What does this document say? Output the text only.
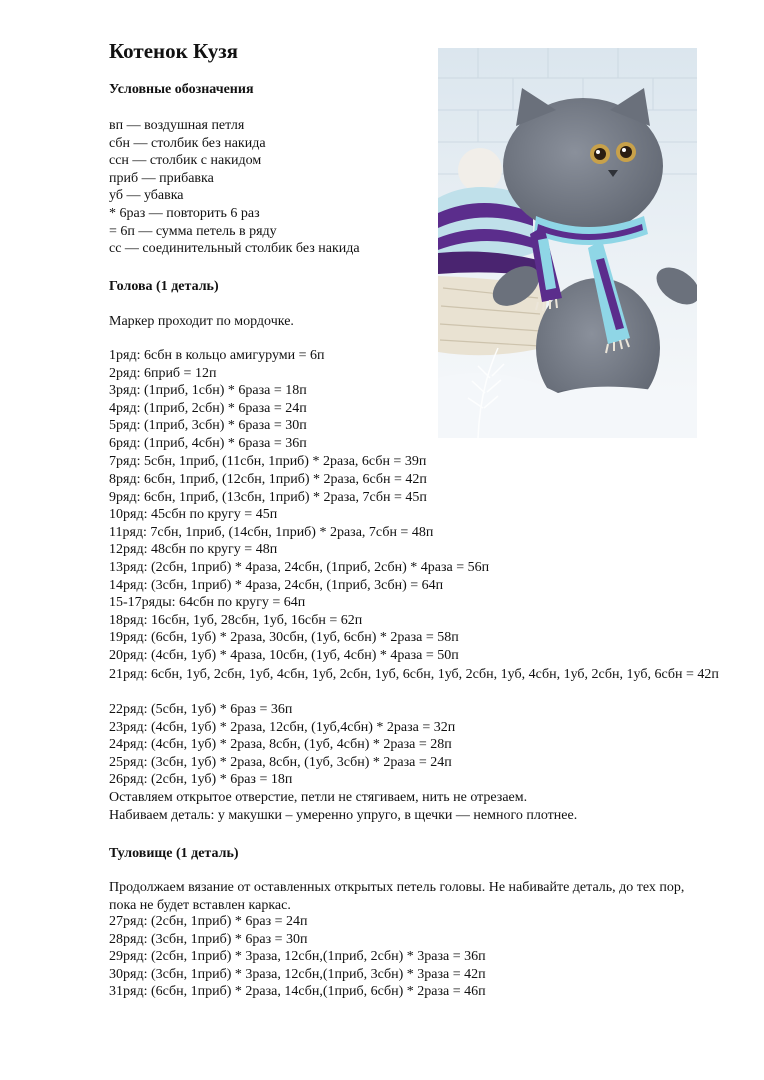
Котенок Кузя
Условные обозначения
вп — воздушная петля
сбн — столбик без накида
ссн — столбик с накидом
приб — прибавка
уб — убавка
* 6раз — повторить 6 раз
= 6п — сумма петель в ряду
сс — соединительный столбик без накида
Голова (1 деталь)

Маркер проходит по мордочке.

1ряд: 6сбн в кольцо амигуруми = 6п
2ряд: 6приб = 12п
3ряд: (1приб, 1сбн) * 6раза = 18п
4ряд: (1приб, 2сбн) * 6раза = 24п
5ряд: (1приб, 3сбн) * 6раза = 30п
6ряд: (1приб, 4сбн) * 6раза = 36п
7ряд: 5сбн, 1приб, (11сбн, 1приб) * 2раза, 6сбн = 39п
8ряд: 6сбн, 1приб, (12сбн, 1приб) * 2раза, 6сбн = 42п
9ряд: 6сбн, 1приб, (13сбн, 1приб) * 2раза, 7сбн = 45п
10ряд: 45сбн по кругу = 45п
11ряд: 7сбн, 1приб, (14сбн, 1приб) * 2раза, 7сбн = 48п
12ряд: 48сбн по кругу = 48п
13ряд: (2сбн, 1приб) * 4раза, 24сбн, (1приб, 2сбн) * 4раза = 56п
14ряд: (3сбн, 1приб) * 4раза, 24сбн, (1приб, 3сбн) = 64п
15-17ряды: 64сбн по кругу = 64п
18ряд: 16сбн, 1уб, 28сбн, 1уб, 16сбн = 62п
19ряд: (6сбн, 1уб) * 2раза, 30сбн, (1уб, 6сбн) * 2раза = 58п
20ряд: (4сбн, 1уб) * 4раза, 10сбн, (1уб, 4сбн) * 4раза = 50п

21ряд: 6сбн, 1уб, 2сбн, 1уб, 4сбн, 1уб, 2сбн, 1уб, 6сбн, 1уб, 2сбн, 1уб, 4сбн, 1уб, 2сбн, 1уб, 6сбн = 42п

22ряд: (5сбн, 1уб) * 6раз = 36п
23ряд: (4сбн, 1уб) * 2раза, 12сбн, (1уб,4сбн) * 2раза = 32п
24ряд: (4сбн, 1уб) * 2раза, 8сбн, (1уб, 4сбн) * 2раза = 28п
25ряд: (3сбн, 1уб) * 2раза, 8сбн, (1уб, 3сбн) * 2раза = 24п
26ряд: (2сбн, 1уб) * 6раз = 18п
Оставляем открытое отверстие, петли не стягиваем, нить не отрезаем.
Набиваем деталь: у макушки – умеренно упруго, в щечки — немного плотнее.
Туловище (1 деталь)

Продолжаем вязание от оставленных открытых петель головы. Не набивайте деталь, до тех пор, пока не будет вставлен каркас.

27ряд: (2сбн, 1приб) * 6раз = 24п
28ряд: (3сбн, 1приб) * 6раз = 30п
29ряд: (2сбн, 1приб) * 3раза, 12сбн,(1приб, 2сбн) * 3раза = 36п
30ряд: (3сбн, 1приб) * 3раза, 12сбн,(1приб, 3сбн) * 3раза = 42п
31ряд: (6сбн, 1приб) * 2раза, 14сбн,(1приб, 6сбн) * 2раза = 46п
Bazueva Elena
